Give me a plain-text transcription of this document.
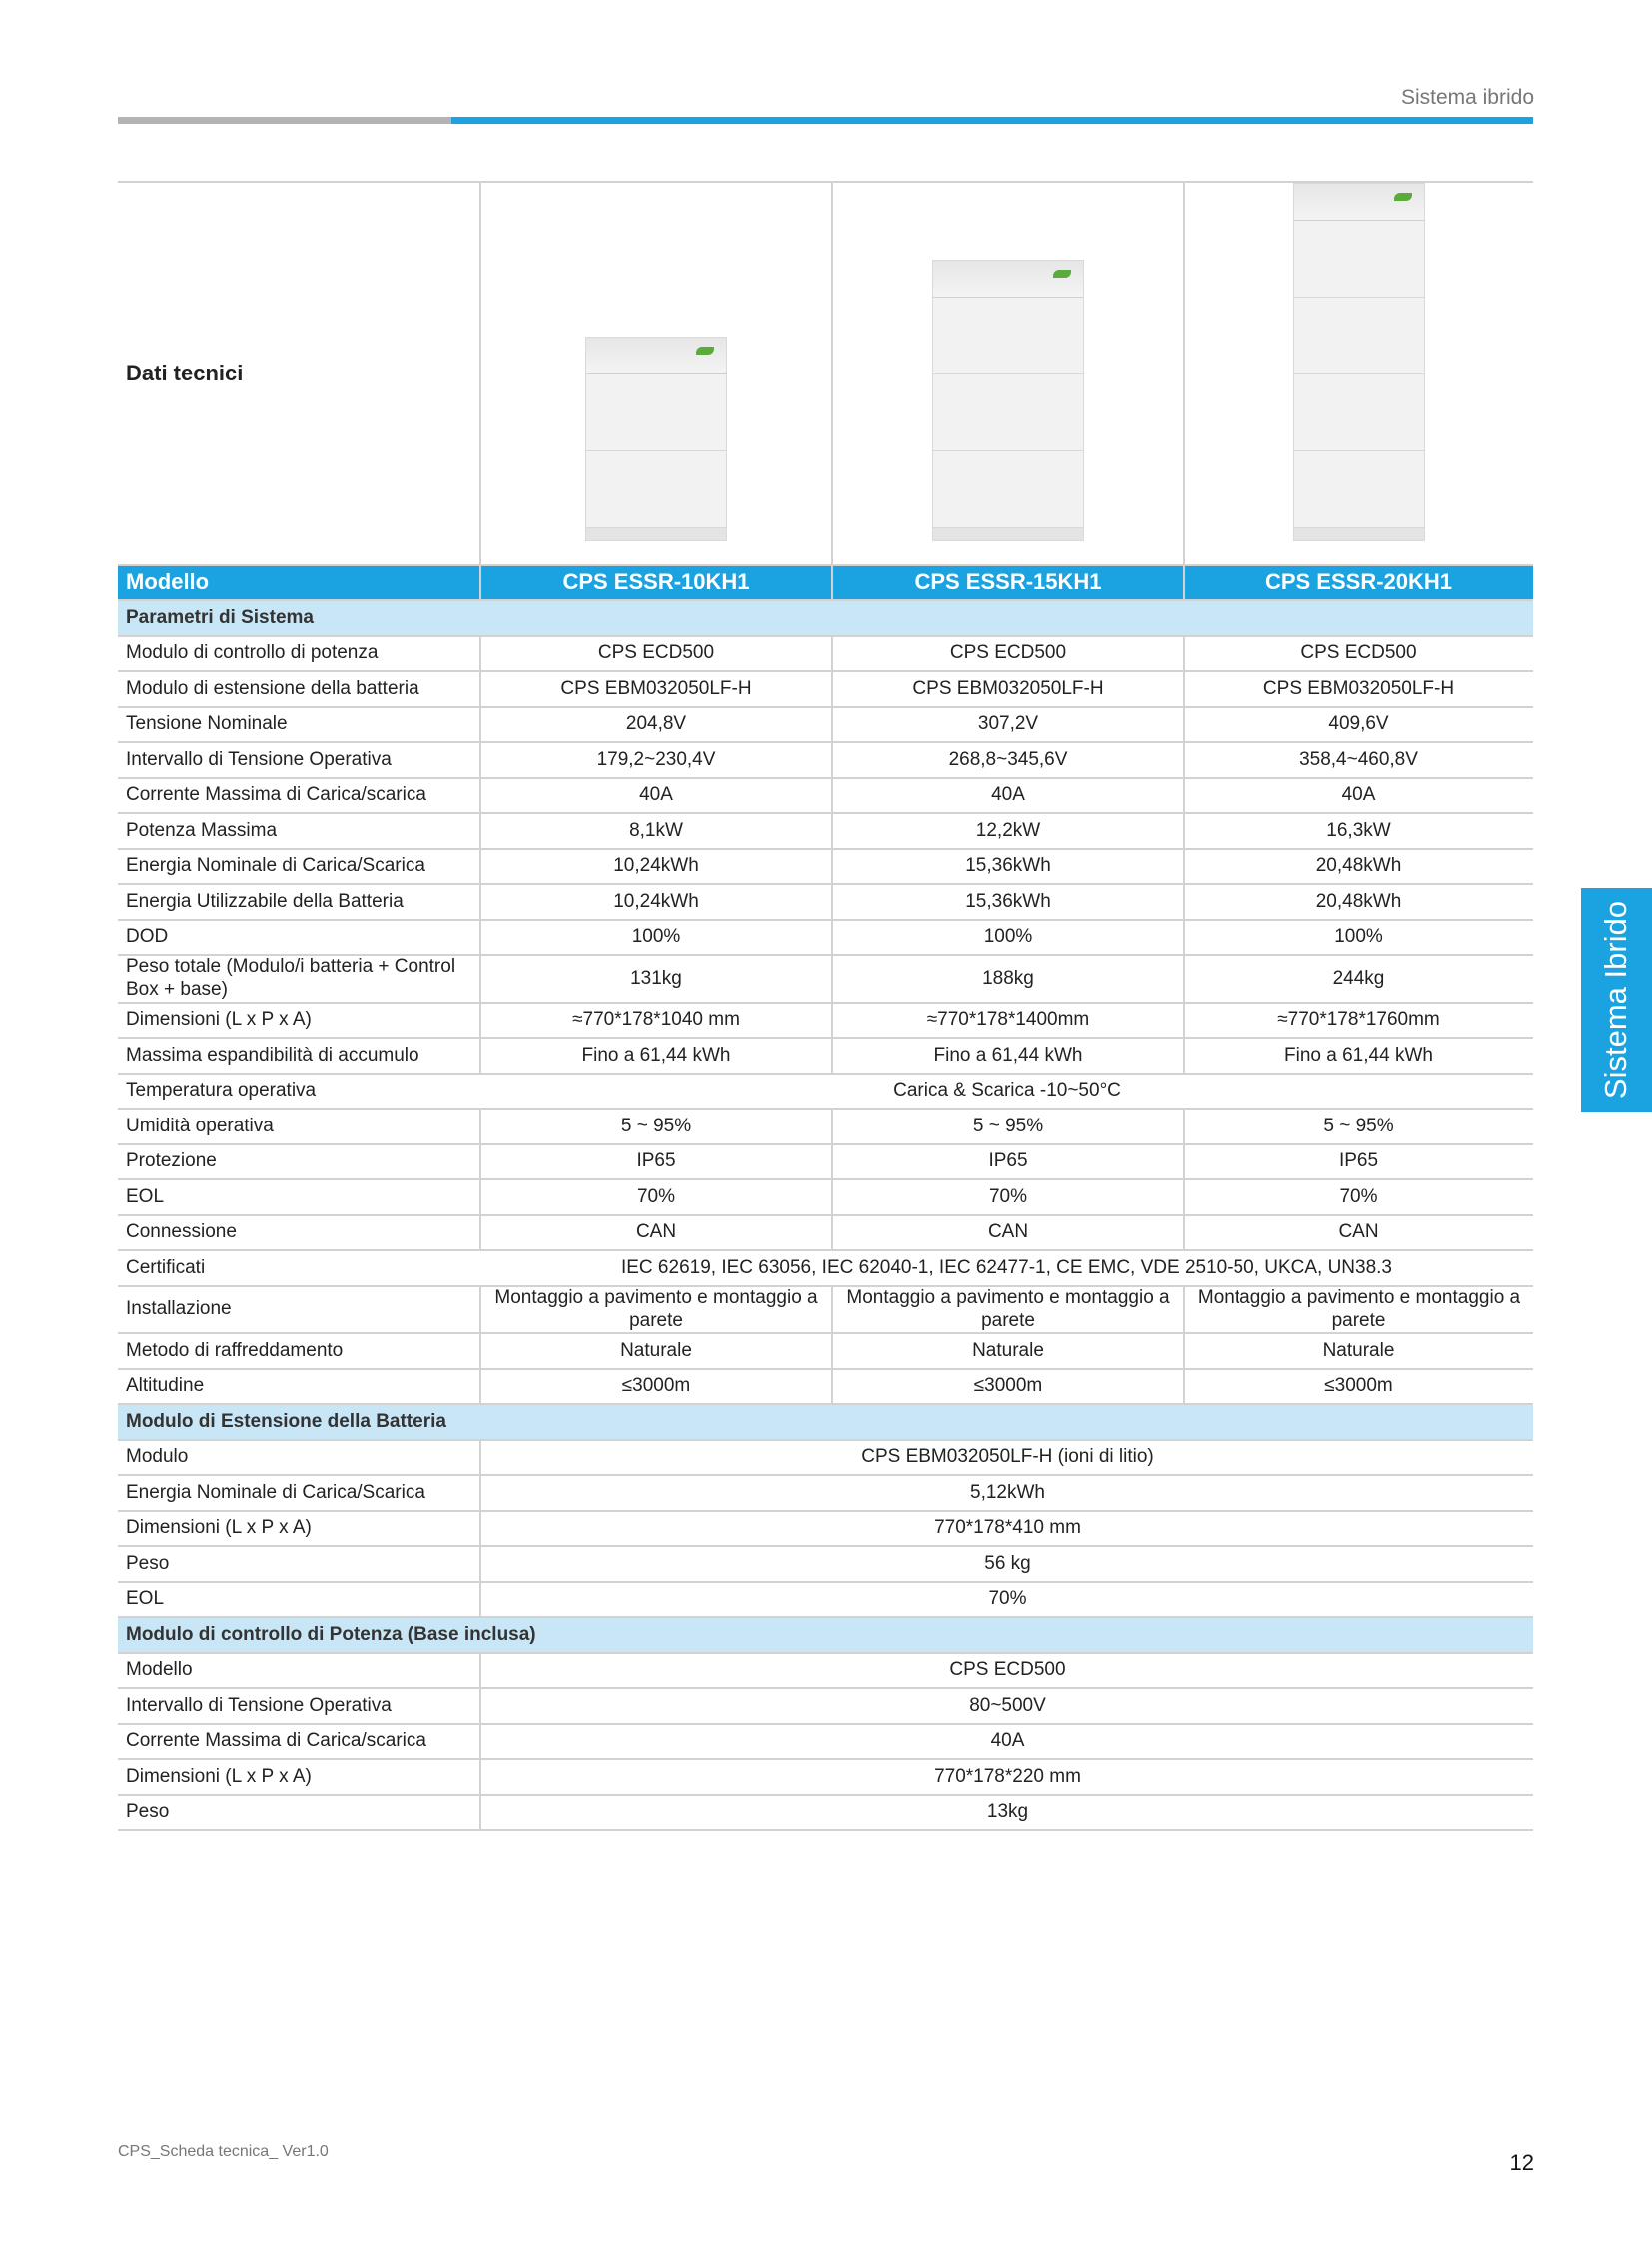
Sistema ibrido
Sistema Ibrido
Dati tecnici	

Modello	CPS ESSR-10KH1	CPS ESSR-15KH1	CPS ESSR-20KH1
Parametri di Sistema			
Modulo di controllo di potenza	CPS ECD500	CPS ECD500	CPS ECD500
Modulo di estensione della batteria	CPS EBM032050LF-H	CPS EBM032050LF-H	CPS EBM032050LF-H
Tensione Nominale	204,8V	307,2V	409,6V
Intervallo di Tensione Operativa	179,2~230,4V	268,8~345,6V	358,4~460,8V
Corrente Massima di Carica/scarica	40A	40A	40A
Potenza Massima	8,1kW	12,2kW	16,3kW
Energia Nominale di Carica/Scarica	10,24kWh	15,36kWh	20,48kWh
Energia Utilizzabile della Batteria	10,24kWh	15,36kWh	20,48kWh
DOD	100%	100%	100%
Peso totale (Modulo/i batteria + Control Box + base)	131kg	188kg	244kg
Dimensioni (L x P x A)	≈770*178*1040 mm	≈770*178*1400mm	≈770*178*1760mm
Massima espandibilità di accumulo	Fino a 61,44 kWh	Fino a 61,44 kWh	Fino a 61,44 kWh
Temperatura operativa	Carica & Scarica -10~50°C		
Umidità operativa	5 ~ 95%	5 ~ 95%	5 ~ 95%
Protezione	IP65	IP65	IP65
EOL	70%	70%	70%
Connessione	CAN	CAN	CAN
Certificati	IEC 62619, IEC 63056, IEC 62040-1, IEC 62477-1, CE EMC, VDE 2510-50, UKCA, UN38.3		
Installazione	Montaggio a pavimento e montaggio a parete	Montaggio a pavimento e montaggio a parete	Montaggio a pavimento e montaggio a parete
Metodo di raffreddamento	Naturale	Naturale	Naturale
Altitudine	≤3000m	≤3000m	≤3000m
Modulo di Estensione della Batteria			
Modulo	CPS EBM032050LF-H (ioni di litio)		
Energia Nominale di Carica/Scarica	5,12kWh		
Dimensioni (L x P x A)	770*178*410 mm		
Peso	56 kg		
EOL	70%		
Modulo di controllo di Potenza (Base inclusa)			
Modello	CPS ECD500		
Intervallo di Tensione Operativa	80~500V		
Corrente Massima di Carica/scarica	40A		
Dimensioni (L x P x A)	770*178*220 mm		
Peso	13kg		
CPS_Scheda tecnica_ Ver1.0	12
